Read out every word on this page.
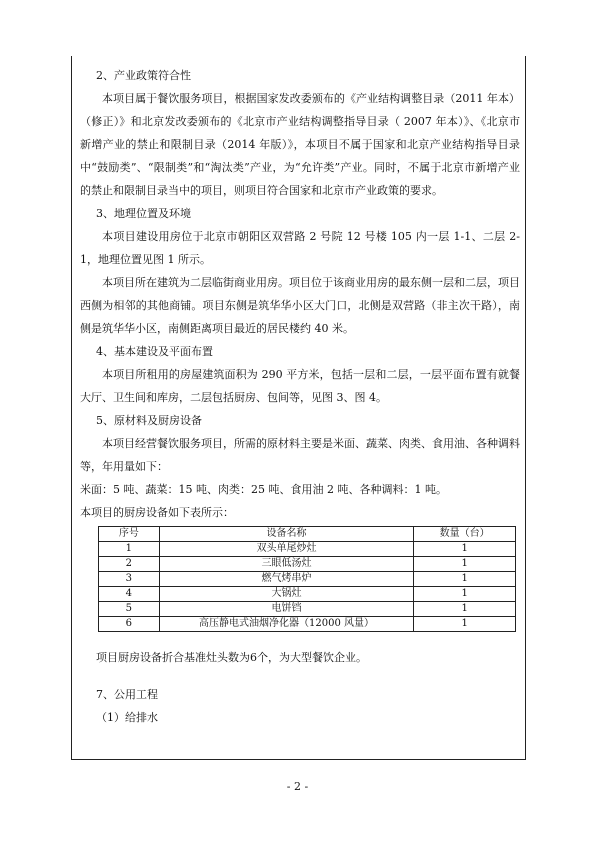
2、产业政策符合性

本项目属于餐饮服务项目，根据国家发改委颁布的《产业结构调整目录（2011 年本）（修正）》和北京发改委颁布的《北京市产业结构调整指导目录（ 2007 年本）》、《北京市新增产业的禁止和限制目录（2014 年版）》，本项目不属于国家和北京产业结构指导目录中“鼓励类”、“限制类”和“淘汰类”产业，为“允许类”产业。同时，不属于北京市新增产业的禁止和限制目录当中的项目，则项目符合国家和北京市产业政策的要求。

3、地理位置及环境

本项目建设用房位于北京市朝阳区双营路 2 号院 12 号楼 105 内一层 1-1、二层 2-1，地理位置见图 1 所示。

本项目所在建筑为二层临街商业用房。项目位于该商业用房的最东侧一层和二层，项目西侧为相邻的其他商铺。项目东侧是筑华华小区大门口，北侧是双营路（非主次干路），南侧是筑华华小区，南侧距离项目最近的居民楼约 40 米。

4、基本建设及平面布置

本项目所租用的房屋建筑面积为 290 平方米，包括一层和二层，一层平面布置有就餐大厅、卫生间和库房，二层包括厨房、包间等，见图 3、图 4。

5、原材料及厨房设备

本项目经营餐饮服务项目，所需的原材料主要是米面、蔬菜、肉类、食用油、各种调料等，年用量如下：

米面：5 吨、蔬菜：15 吨、肉类：25 吨、食用油 2 吨、各种调料：1 吨。

本项目的厨房设备如下表所示：

序号	设备名称	数量（台）
1	双头单尾炒灶	1
2	三眼低汤灶	1
3	燃气烤串炉	1
4	大锅灶	1
5	电饼铛	1
6	高压静电式油烟净化器（12000 风量）	1

项目厨房设备折合基准灶头数为6个，为大型餐饮企业。

7、公用工程

（1）给排水

- 2 -
